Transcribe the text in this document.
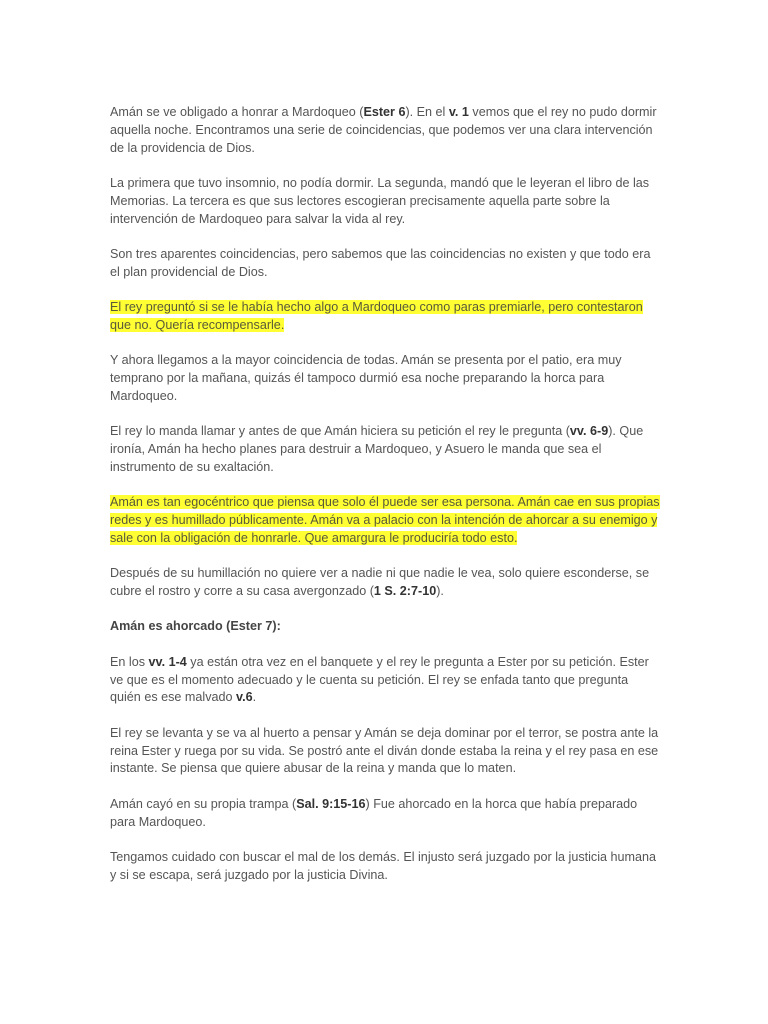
Amán se ve obligado a honrar a Mardoqueo (Ester 6). En el v. 1 vemos que el rey no pudo dormir aquella noche. Encontramos una serie de coincidencias, que podemos ver una clara intervención de la providencia de Dios.

La primera que tuvo insomnio, no podía dormir. La segunda, mandó que le leyeran el libro de las Memorias. La tercera es que sus lectores escogieran precisamente aquella parte sobre la intervención de Mardoqueo para salvar la vida al rey.

Son tres aparentes coincidencias, pero sabemos que las coincidencias no existen y que todo era el plan providencial de Dios.

El rey preguntó si se le había hecho algo a Mardoqueo como paras premiarle, pero contestaron que no. Quería recompensarle.

Y ahora llegamos a la mayor coincidencia de todas. Amán se presenta por el patio, era muy temprano por la mañana, quizás él tampoco durmió esa noche preparando la horca para Mardoqueo.

El rey lo manda llamar y antes de que Amán hiciera su petición el rey le pregunta (vv. 6-9). Que ironía, Amán ha hecho planes para destruir a Mardoqueo, y Asuero le manda que sea el instrumento de su exaltación.

Amán es tan egocéntrico que piensa que solo él puede ser esa persona. Amán cae en sus propias redes y es humillado públicamente. Amán va a palacio con la intención de ahorcar a su enemigo y sale con la obligación de honrarle. Que amargura le produciría todo esto.

Después de su humillación no quiere ver a nadie ni que nadie le vea, solo quiere esconderse, se cubre el rostro y corre a su casa avergonzado (1 S. 2:7-10).

Amán es ahorcado (Ester 7):

En los vv. 1-4 ya están otra vez en el banquete y el rey le pregunta a Ester por su petición. Ester ve que es el momento adecuado y le cuenta su petición. El rey se enfada tanto que pregunta quién es ese malvado v.6.

El rey se levanta y se va al huerto a pensar y Amán se deja dominar por el terror, se postra ante la reina Ester y ruega por su vida. Se postró ante el diván donde estaba la reina y el rey pasa en ese instante. Se piensa que quiere abusar de la reina y manda que lo maten.

Amán cayó en su propia trampa (Sal. 9:15-16) Fue ahorcado en la horca que había preparado para Mardoqueo.

Tengamos cuidado con buscar el mal de los demás. El injusto será juzgado por la justicia humana y si se escapa, será juzgado por la justicia Divina.
